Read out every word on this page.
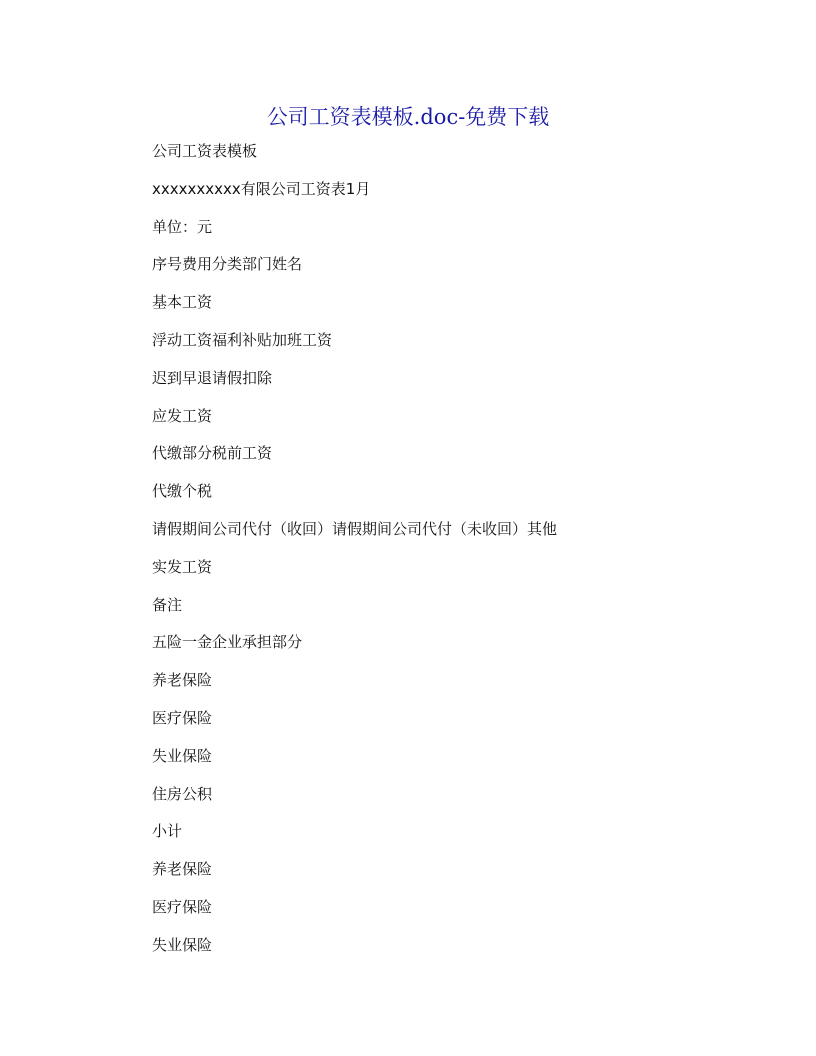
公司工资表模板.doc-免费下载
公司工资表模板
xxxxxxxxxx有限公司工资表1月
单位：元
序号费用分类部门姓名
基本工资
浮动工资福利补贴加班工资
迟到早退请假扣除
应发工资
代缴部分税前工资
代缴个税
请假期间公司代付（收回）请假期间公司代付（未收回）其他
实发工资
备注
五险一金企业承担部分
养老保险
医疗保险
失业保险
住房公积
小计
养老保险
医疗保险
失业保险
